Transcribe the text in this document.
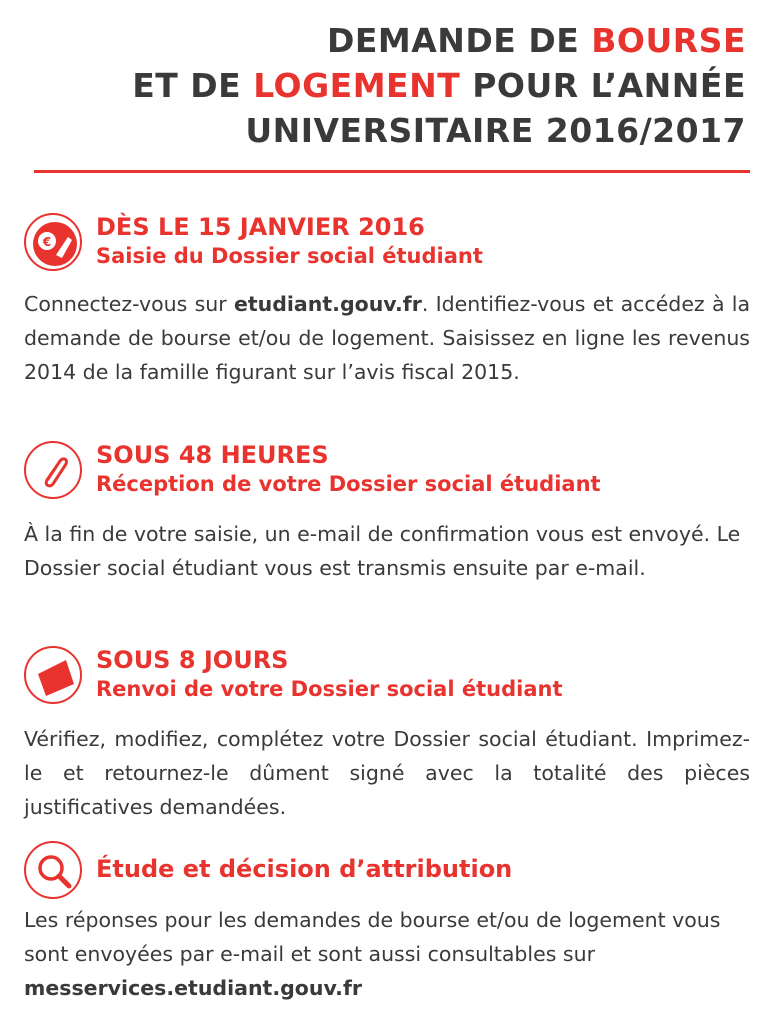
DEMANDE DE BOURSE
ET DE LOGEMENT POUR L’ANNÉE
UNIVERSITAIRE 2016/2017
€
DÈS LE 15 JANVIER 2016
Saisie du Dossier social étudiant
Connectez-vous sur etudiant.gouv.fr. Identifiez-vous et accédez à la demande de bourse et/ou de logement. Saisissez en ligne les revenus 2014 de la famille figurant sur l’avis fiscal 2015.
SOUS 48 HEURES
Réception de votre Dossier social étudiant
À la fin de votre saisie, un e-mail de confirmation vous est envoyé. Le Dossier social étudiant vous est transmis ensuite par e-mail.
SOUS 8 JOURS
Renvoi de votre Dossier social étudiant
Vérifiez, modifiez, complétez votre Dossier social étudiant. Imprimez-le et retournez-le dûment signé avec la totalité des pièces justificatives demandées.
Étude et décision d’attribution
Les réponses pour les demandes de bourse et/ou de logement vous sont envoyées par e-mail et sont aussi consultables sur messervices.etudiant.gouv.fr
